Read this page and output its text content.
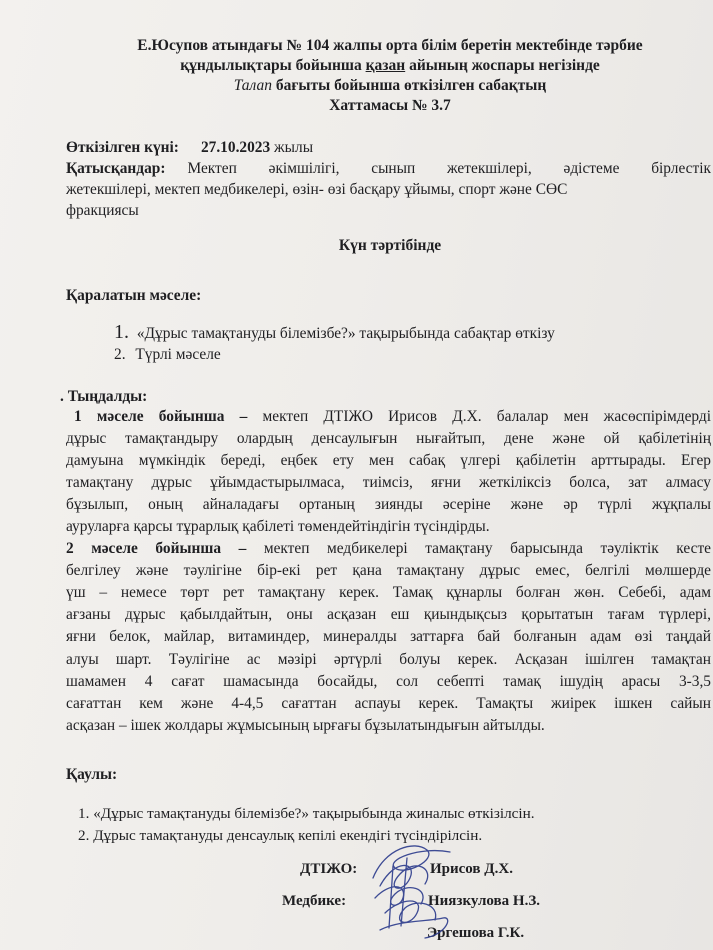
Е.Юсупов атындағы № 104 жалпы орта білім беретін мектебінде тәрбие
құндылықтары бойынша қазан айының жоспары негізінде
Талап бағыты бойынша өткізілген сабақтың
Хаттамасы № 3.7
Өткізілген күні: 27.10.2023 жылы
Қатысқандар: Мектеп әкімшілігі, сынып жетекшілері, әдістеме бірлестік
жетекшілері, мектеп медбикелері, өзін- өзі басқару ұйымы, спорт және СӨС
фракциясы
Күн тәртібінде
Қаралатын мәселе:
1. «Дұрыс тамақтануды білемізбе?» тақырыбында сабақтар өткізу
2. Түрлі мәселе
. Тыңдалды:
1 мәселе бойынша – мектеп ДТІЖО Ирисов Д.Х. балалар мен жасөспірімдерді
дұрыс тамақтандыру олардың денсаулығын нығайтып, дене және ой қабілетінің
дамуына мүмкіндік береді, еңбек ету мен сабақ үлгері қабілетін арттырады. Егер
тамақтану дұрыс ұйымдастырылмаса, тиімсіз, яғни жеткіліксіз болса, зат алмасу
бұзылып, оның айналадағы ортаның зиянды әсеріне және әр түрлі жұқпалы
ауруларға қарсы тұрарлық қабілеті төмендейтіндігін түсіндірды.
2 мәселе бойынша – мектеп медбикелері тамақтану барысында тәуліктік кесте
белгілеу және тәулігіне бір-екі рет қана тамақтану дұрыс емес, белгілі мөлшерде
үш – немесе төрт рет тамақтану керек. Тамақ құнарлы болған жөн. Себебі, адам
ағзаны дұрыс қабылдайтын, оны асқазан еш қиындықсыз қорытатын тағам түрлері,
яғни белок, майлар, витаминдер, минералды заттарға бай болғанын адам өзі таңдай
алуы шарт. Тәулігіне ас мәзірі әртүрлі болуы керек. Асқазан ішілген тамақтан
шамамен 4 сағат шамасында босайды, сол себепті тамақ ішудің арасы 3-3,5
сағаттан кем және 4-4,5 сағаттан аспауы керек. Тамақты жиірек ішкен сайын
асқазан – ішек жолдары жұмысының ырғағы бұзылатындығын айтылды.
Қаулы:
1. «Дұрыс тамақтануды білемізбе?» тақырыбында жиналыс өткізілсін.
2. Дұрыс тамақтануды денсаулық кепілі екендігі түсіндірілсін.
ДТІЖО:	Ирисов Д.Х.
Медбике:	Ниязкулова Н.З.
Эргешова Г.К.
